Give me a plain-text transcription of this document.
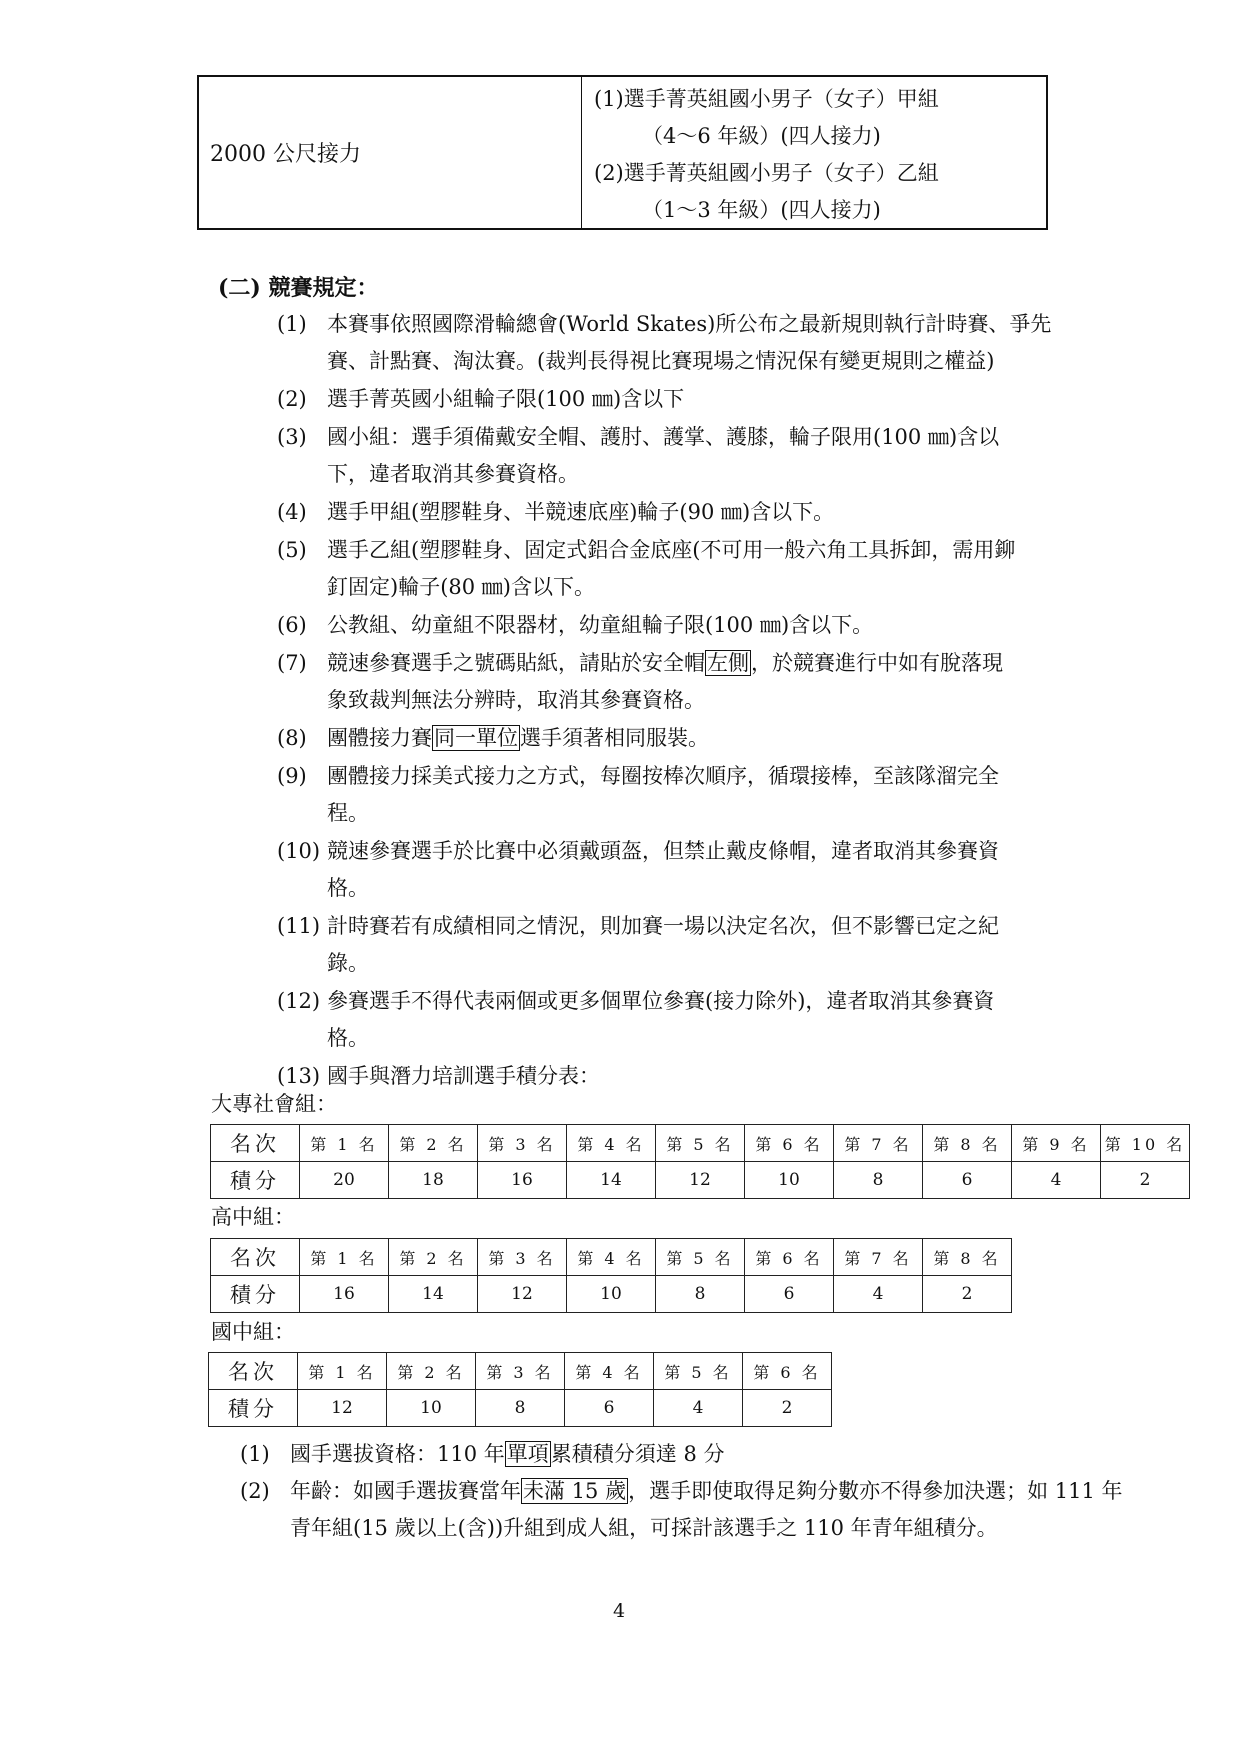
2000 公尺接力
(1)選手菁英組國小男子（女子）甲組
（4～6 年級）(四人接力)
(2)選手菁英組國小男子（女子）乙組
（1～3 年級）(四人接力)
(二) 競賽規定：
(1) 本賽事依照國際滑輪總會(World Skates)所公布之最新規則執行計時賽、爭先
賽、計點賽、淘汰賽。(裁判長得視比賽現場之情況保有變更規則之權益)
(2) 選手菁英國小組輪子限(100 ㎜)含以下
(3) 國小組：選手須備戴安全帽、護肘、護掌、護膝，輪子限用(100 ㎜)含以
下，違者取消其參賽資格。
(4) 選手甲組(塑膠鞋身、半競速底座)輪子(90 ㎜)含以下。
(5) 選手乙組(塑膠鞋身、固定式鋁合金底座(不可用一般六角工具拆卸，需用鉚
釘固定)輪子(80 ㎜)含以下。
(6) 公教組、幼童組不限器材，幼童組輪子限(100 ㎜)含以下。
(7) 競速參賽選手之號碼貼紙，請貼於安全帽左側，於競賽進行中如有脫落現
象致裁判無法分辨時，取消其參賽資格。
(8) 團體接力賽同一單位選手須著相同服裝。
(9) 團體接力採美式接力之方式，每圈按棒次順序，循環接棒，至該隊溜完全
程。
(10) 競速參賽選手於比賽中必須戴頭盔，但禁止戴皮條帽，違者取消其參賽資
格。
(11) 計時賽若有成績相同之情況，則加賽一場以決定名次，但不影響已定之紀
錄。
(12) 參賽選手不得代表兩個或更多個單位參賽(接力除外)，違者取消其參賽資
格。
(13) 國手與潛力培訓選手積分表：
大專社會組：
名次	第 1 名	第 2 名	第 3 名	第 4 名	第 5 名	第 6 名	第 7 名	第 8 名	第 9 名	第 10 名
積分	20	18	16	14	12	10	8	6	4	2
高中組：
名次	第 1 名	第 2 名	第 3 名	第 4 名	第 5 名	第 6 名	第 7 名	第 8 名
積分	16	14	12	10	8	6	4	2
國中組：
名次	第 1 名	第 2 名	第 3 名	第 4 名	第 5 名	第 6 名
積分	12	10	8	6	4	2
(1) 國手選拔資格：110 年單項累積積分須達 8 分
(2) 年齡：如國手選拔賽當年未滿 15 歲，選手即使取得足夠分數亦不得參加決選；如 111 年青年組(15 歲以上(含))升組到成人組，可採計該選手之 110 年青年組積分。
4
